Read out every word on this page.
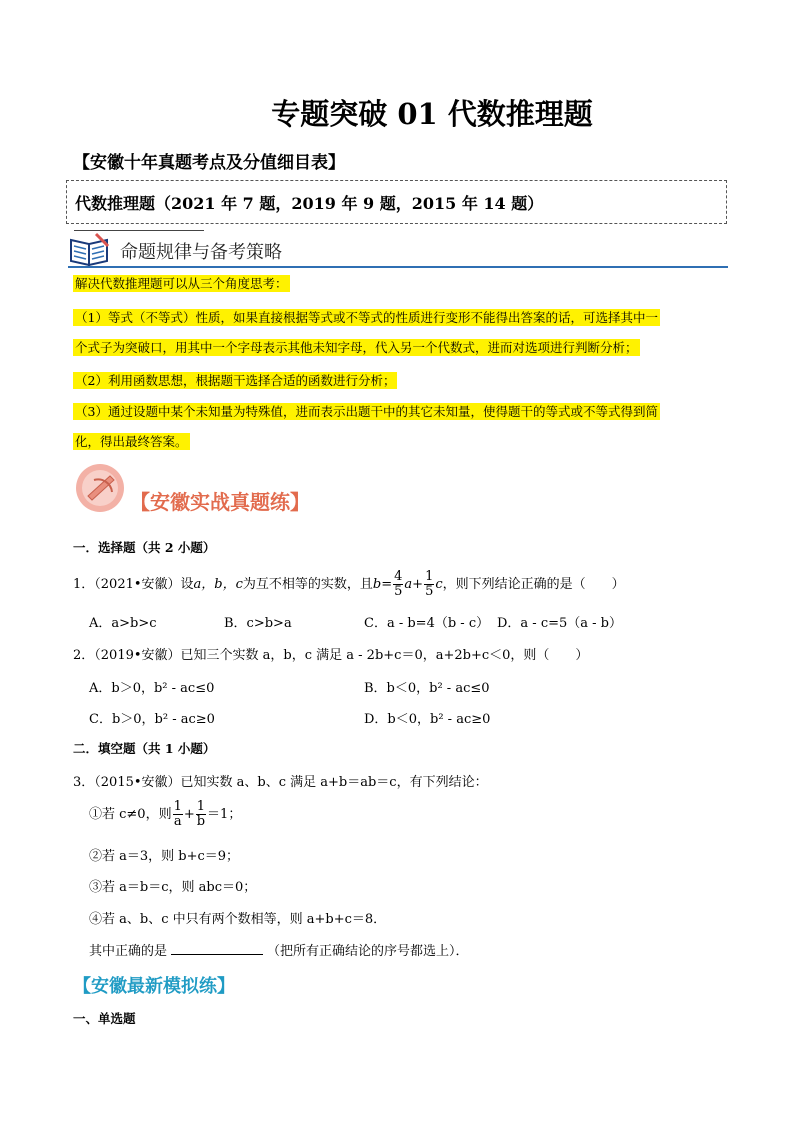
专题突破 01 代数推理题
【安徽十年真题考点及分值细目表】
代数推理题（2021 年 7 题，2019 年 9 题，2015 年 14 题）
命题规律与备考策略
解决代数推理题可以从三个角度思考：
（1）等式（不等式）性质，如果直接根据等式或不等式的性质进行变形不能得出答案的话，可选择其中一
个式子为突破口，用其中一个字母表示其他未知字母，代入另一个代数式，进而对选项进行判断分析；
（2）利用函数思想，根据题干选择合适的函数进行分析；
（3）通过设题中某个未知量为特殊值，进而表示出题干中的其它未知量，使得题干的等式或不等式得到简
化，得出最终答案。
【安徽实战真题练】
一．选择题（共 2 小题）
1．（2021•安徽）设a，b，c为互不相等的实数，且$b= \frac{4}{5} a+ \frac{1}{5}$ c，则下列结论正确的是（　　）
A．a>b>c	B．c>b>a	C．a - b=4（b - c） D．a - c=5（a - b）
2．（2019•安徽）已知三个实数 a，b，c 满足 a - 2b+c＝0，a+2b+c＜0，则（　　）
A．b＞0，b² - ac≤0	B．b＜0，b² - ac≤0
C．b＞0，b² - ac≥0	D．b＜0，b² - ac≥0
二．填空题（共 1 小题）
3．（2015•安徽）已知实数 a、b、c 满足 a+b＝ab＝c，有下列结论：
①若 c≠0，则 $\frac{1}{a} + \frac{1}{b} =1$；
②若 a＝3，则 b+c＝9；
③若 a＝b＝c，则 abc＝0；
④若 a、b、c 中只有两个数相等，则 a+b+c＝8．
其中正确的是	（把所有正确结论的序号都选上）．
【安徽最新模拟练】
一、单选题
